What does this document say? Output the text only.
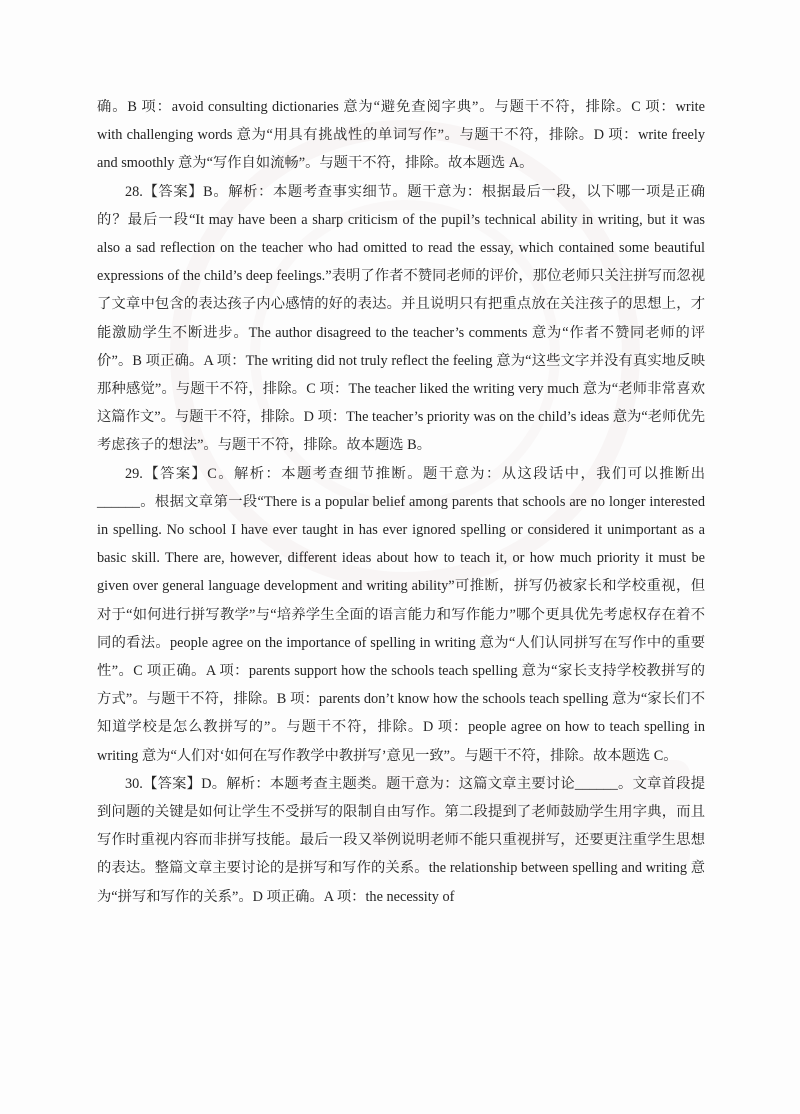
确。B 项：avoid consulting dictionaries 意为“避免查阅字典”。与题干不符，排除。C 项：write with challenging words 意为“用具有挑战性的单词写作”。与题干不符，排除。D 项：write freely and smoothly 意为“写作自如流畅”。与题干不符，排除。故本题选 A。

28.【答案】B。解析：本题考查事实细节。题干意为：根据最后一段，以下哪一项是正确的？最后一段“It may have been a sharp criticism of the pupil’s technical ability in writing, but it was also a sad reflection on the teacher who had omitted to read the essay, which contained some beautiful expressions of the child’s deep feelings.”表明了作者不赞同老师的评价，那位老师只关注拼写而忽视了文章中包含的表达孩子内心感情的好的表达。并且说明只有把重点放在关注孩子的思想上，才能激励学生不断进步。The author disagreed to the teacher’s comments 意为“作者不赞同老师的评价”。B 项正确。A 项：The writing did not truly reflect the feeling 意为“这些文字并没有真实地反映那种感觉”。与题干不符，排除。C 项：The teacher liked the writing very much 意为“老师非常喜欢这篇作文”。与题干不符，排除。D 项：The teacher’s priority was on the child’s ideas 意为“老师优先考虑孩子的想法”。与题干不符，排除。故本题选 B。

29.【答案】C。解析：本题考查细节推断。题干意为：从这段话中，我们可以推断出______。根据文章第一段“There is a popular belief among parents that schools are no longer interested in spelling. No school I have ever taught in has ever ignored spelling or considered it unimportant as a basic skill. There are, however, different ideas about how to teach it, or how much priority it must be given over general language development and writing ability”可推断，拼写仍被家长和学校重视，但对于“如何进行拼写教学”与“培养学生全面的语言能力和写作能力”哪个更具优先考虑权存在着不同的看法。people agree on the importance of spelling in writing 意为“人们认同拼写在写作中的重要性”。C 项正确。A 项：parents support how the schools teach spelling 意为“家长支持学校教拼写的方式”。与题干不符，排除。B 项：parents don’t know how the schools teach spelling 意为“家长们不知道学校是怎么教拼写的”。与题干不符，排除。D 项：people agree on how to teach spelling in writing 意为“人们对‘如何在写作教学中教拼写’意见一致”。与题干不符，排除。故本题选 C。

30.【答案】D。解析：本题考查主题类。题干意为：这篇文章主要讨论______。文章首段提到问题的关键是如何让学生不受拼写的限制自由写作。第二段提到了老师鼓励学生用字典，而且写作时重视内容而非拼写技能。最后一段又举例说明老师不能只重视拼写，还要更注重学生思想的表达。整篇文章主要讨论的是拼写和写作的关系。the relationship between spelling and writing 意为“拼写和写作的关系”。D 项正确。A 项：the necessity of
